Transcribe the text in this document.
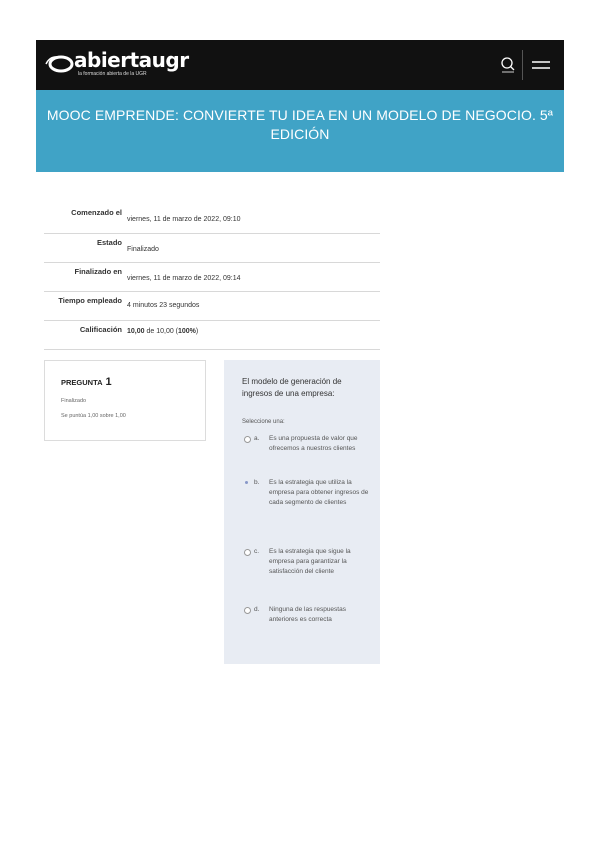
abiertaugr
la formación abierta de la UGR
MOOC EMPRENDE: CONVIERTE TU IDEA EN UN MODELO DE NEGOCIO. 5ª EDICIÓN
Comenzado el	viernes, 11 de marzo de 2022, 09:10
Estado	Finalizado
Finalizado en	viernes, 11 de marzo de 2022, 09:14
Tiempo empleado	4 minutos 23 segundos
Calificación	10,00 de 10,00 (100%)
PREGUNTA 1
Finalizado
Se puntúa 1,00 sobre 1,00
El modelo de generación de ingresos de una empresa:
Seleccione una:
a. Es una propuesta de valor que ofrecemos a nuestros clientes
b. Es la estrategia que utiliza la empresa para obtener ingresos de cada segmento de clientes
c. Es la estrategia que sigue la empresa para garantizar la satisfacción del cliente
d. Ninguna de las respuestas anteriores es correcta
